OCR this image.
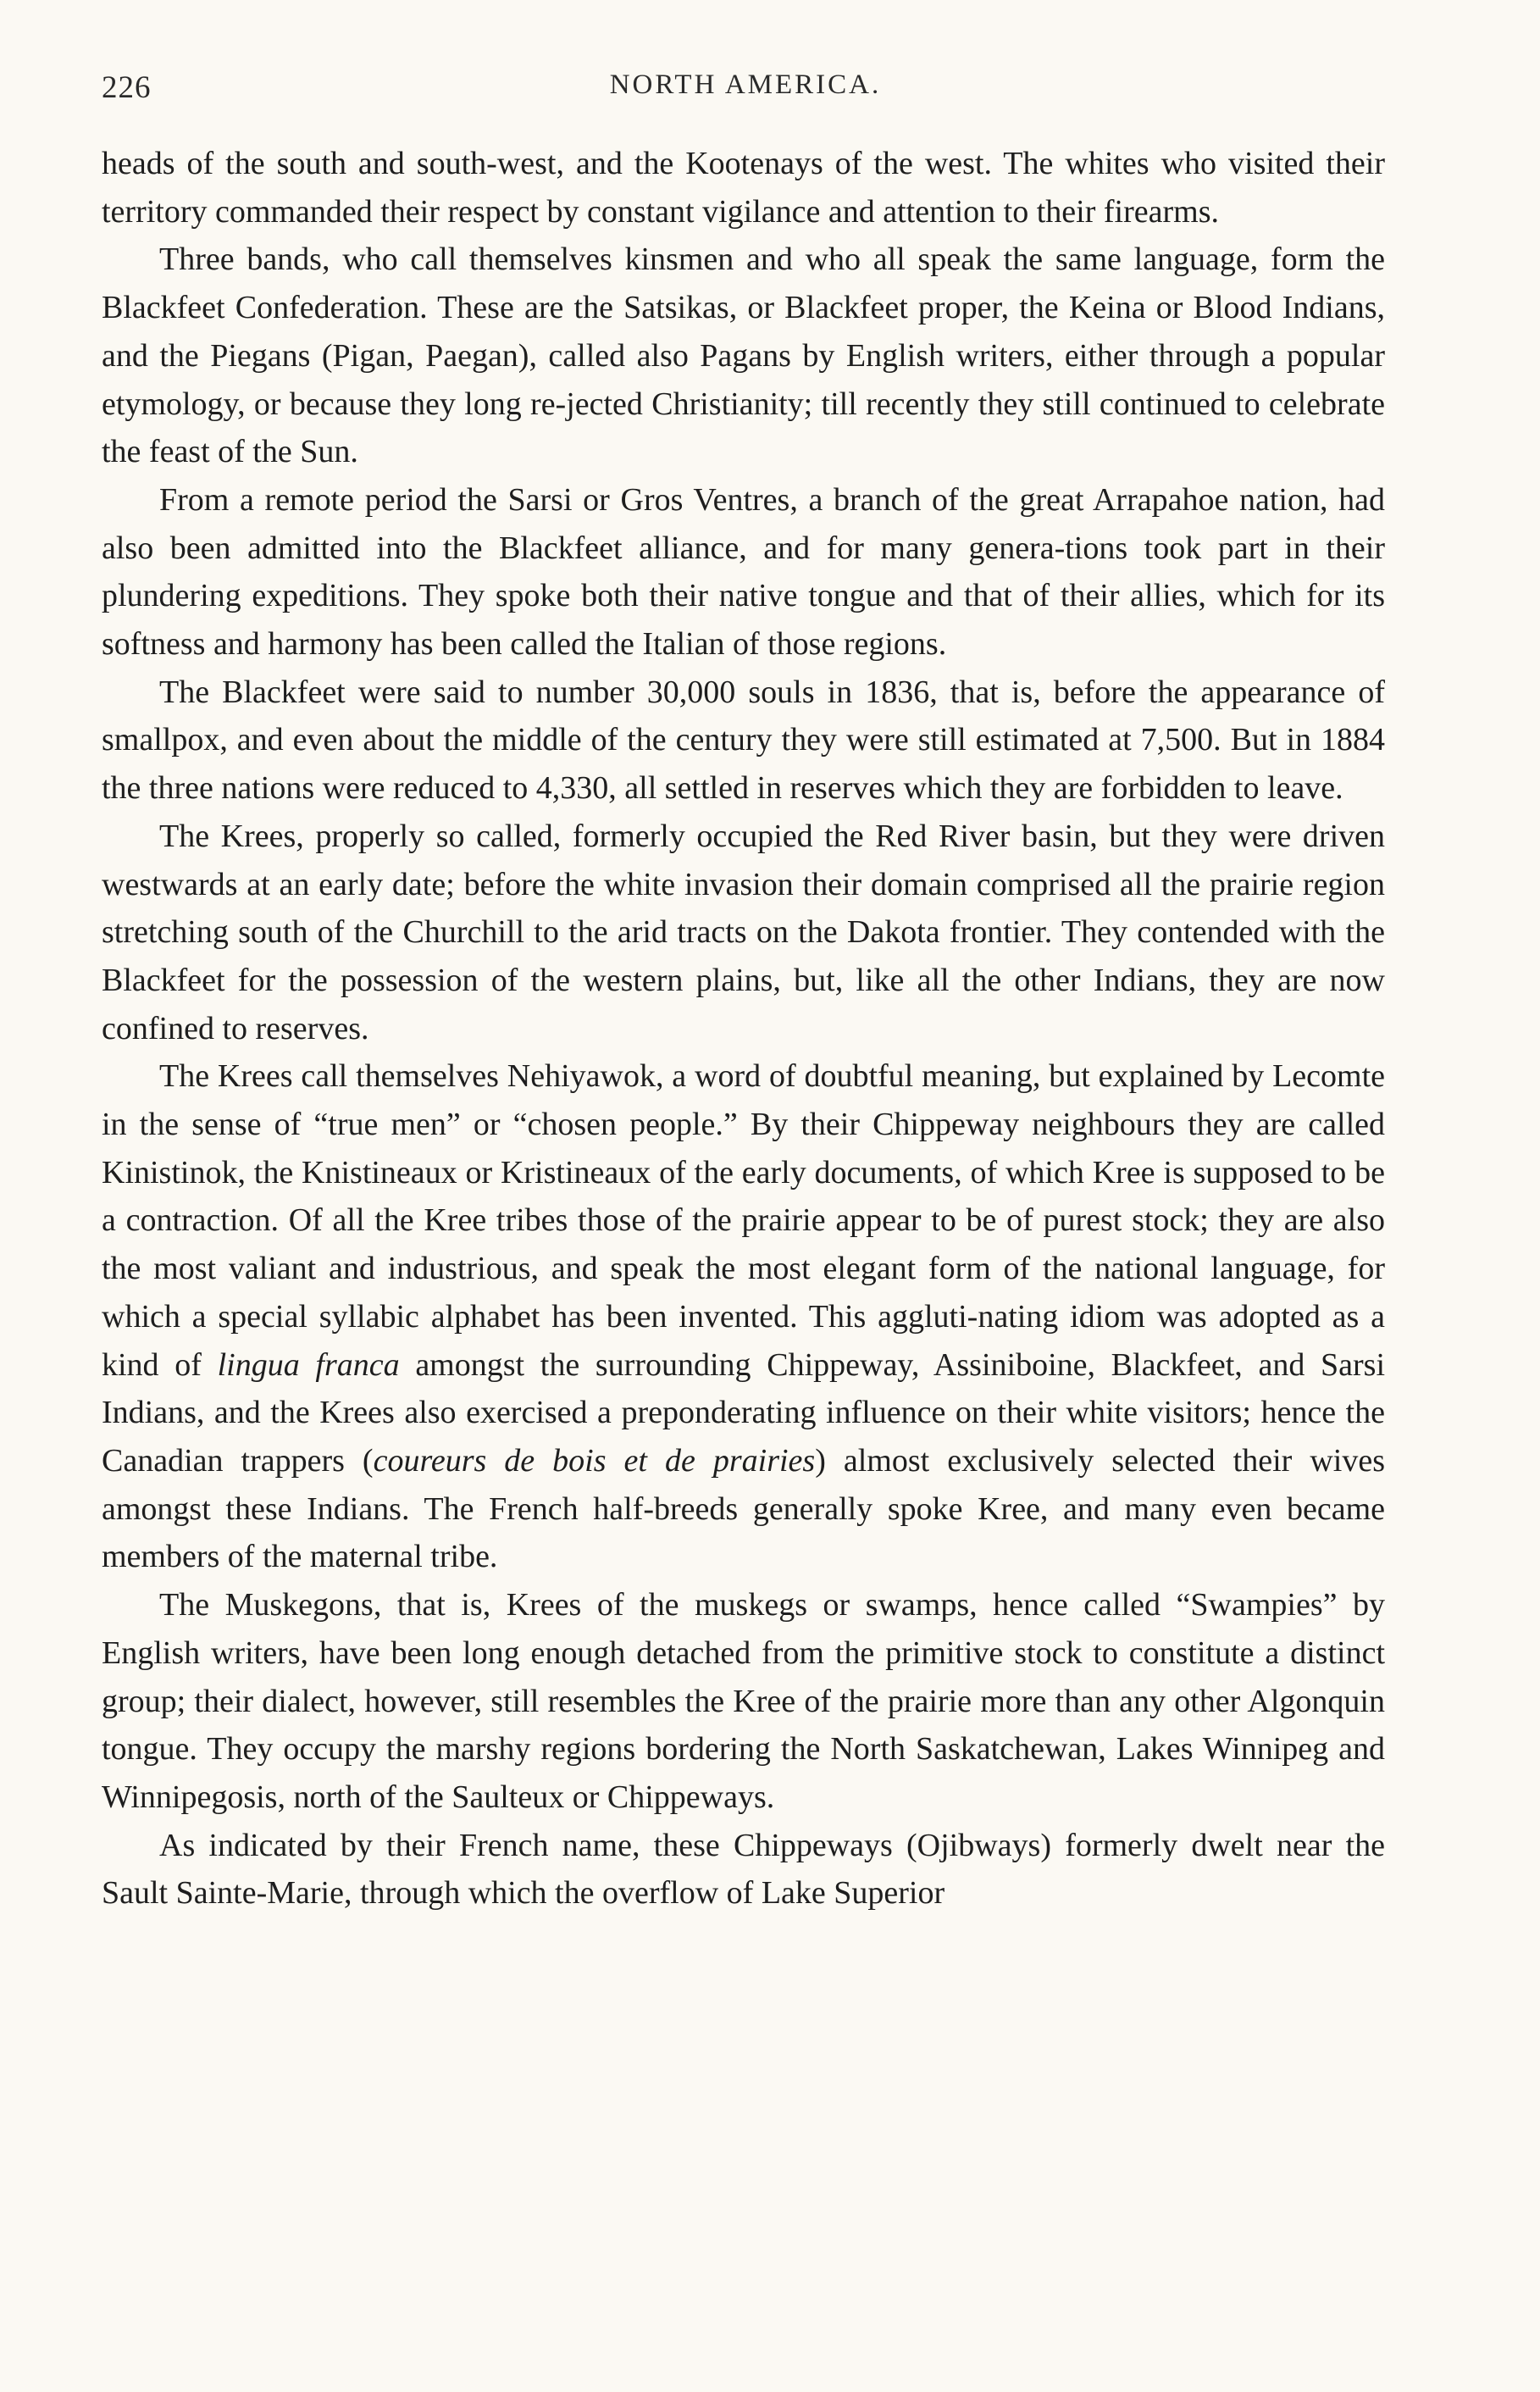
226	NORTH AMERICA.

heads of the south and south-west, and the Kootenays of the west. The whites who visited their territory commanded their respect by constant vigilance and attention to their firearms.

Three bands, who call themselves kinsmen and who all speak the same language, form the Blackfeet Confederation. These are the Satsikas, or Blackfeet proper, the Keina or Blood Indians, and the Piegans (Pigan, Paegan), called also Pagans by English writers, either through a popular etymology, or because they long re-jected Christianity; till recently they still continued to celebrate the feast of the Sun.

From a remote period the Sarsi or Gros Ventres, a branch of the great Arrapahoe nation, had also been admitted into the Blackfeet alliance, and for many genera-tions took part in their plundering expeditions. They spoke both their native tongue and that of their allies, which for its softness and harmony has been called the Italian of those regions.

The Blackfeet were said to number 30,000 souls in 1836, that is, before the appearance of smallpox, and even about the middle of the century they were still estimated at 7,500. But in 1884 the three nations were reduced to 4,330, all settled in reserves which they are forbidden to leave.

The Krees, properly so called, formerly occupied the Red River basin, but they were driven westwards at an early date; before the white invasion their domain comprised all the prairie region stretching south of the Churchill to the arid tracts on the Dakota frontier. They contended with the Blackfeet for the possession of the western plains, but, like all the other Indians, they are now confined to reserves.

The Krees call themselves Nehiyawok, a word of doubtful meaning, but explained by Lecomte in the sense of “true men” or “chosen people.” By their Chippeway neighbours they are called Kinistinok, the Knistineaux or Kristineaux of the early documents, of which Kree is supposed to be a contraction. Of all the Kree tribes those of the prairie appear to be of purest stock; they are also the most valiant and industrious, and speak the most elegant form of the national language, for which a special syllabic alphabet has been invented. This aggluti-nating idiom was adopted as a kind of lingua franca amongst the surrounding Chippeway, Assiniboine, Blackfeet, and Sarsi Indians, and the Krees also exercised a preponderating influence on their white visitors; hence the Canadian trappers (coureurs de bois et de prairies) almost exclusively selected their wives amongst these Indians. The French half-breeds generally spoke Kree, and many even became members of the maternal tribe.

The Muskegons, that is, Krees of the muskegs or swamps, hence called “Swampies” by English writers, have been long enough detached from the primitive stock to constitute a distinct group; their dialect, however, still resembles the Kree of the prairie more than any other Algonquin tongue. They occupy the marshy regions bordering the North Saskatchewan, Lakes Winnipeg and Winnipegosis, north of the Saulteux or Chippeways.

As indicated by their French name, these Chippeways (Ojibways) formerly dwelt near the Sault Sainte-Marie, through which the overflow of Lake Superior
